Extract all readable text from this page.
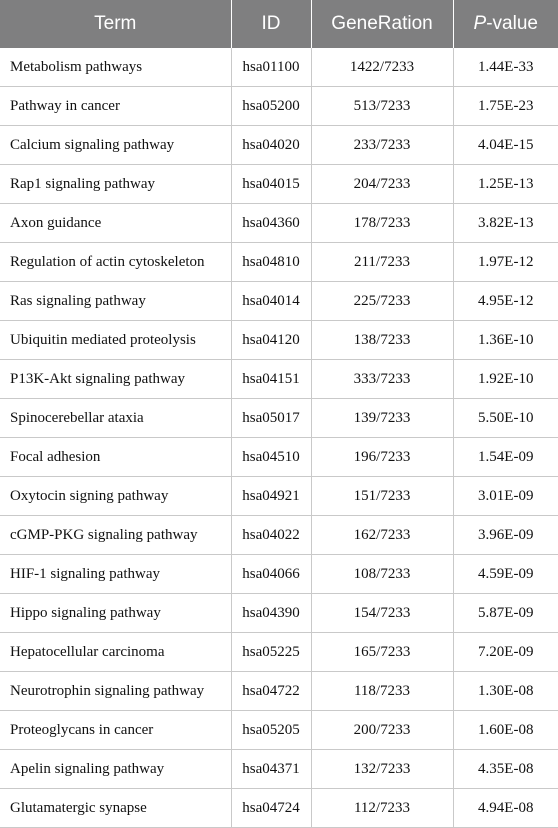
Term	ID	GeneRation	P-value
Metabolism pathways	hsa01100	1422/7233	1.44E-33
Pathway in cancer	hsa05200	513/7233	1.75E-23
Calcium signaling pathway	hsa04020	233/7233	4.04E-15
Rap1 signaling pathway	hsa04015	204/7233	1.25E-13
Axon guidance	hsa04360	178/7233	3.82E-13
Regulation of actin cytoskeleton	hsa04810	211/7233	1.97E-12
Ras signaling pathway	hsa04014	225/7233	4.95E-12
Ubiquitin mediated proteolysis	hsa04120	138/7233	1.36E-10
P13K-Akt signaling pathway	hsa04151	333/7233	1.92E-10
Spinocerebellar ataxia	hsa05017	139/7233	5.50E-10
Focal adhesion	hsa04510	196/7233	1.54E-09
Oxytocin signing pathway	hsa04921	151/7233	3.01E-09
cGMP-PKG signaling pathway	hsa04022	162/7233	3.96E-09
HIF-1 signaling pathway	hsa04066	108/7233	4.59E-09
Hippo signaling pathway	hsa04390	154/7233	5.87E-09
Hepatocellular carcinoma	hsa05225	165/7233	7.20E-09
Neurotrophin signaling pathway	hsa04722	118/7233	1.30E-08
Proteoglycans in cancer	hsa05205	200/7233	1.60E-08
Apelin signaling pathway	hsa04371	132/7233	4.35E-08
Glutamatergic synapse	hsa04724	112/7233	4.94E-08
